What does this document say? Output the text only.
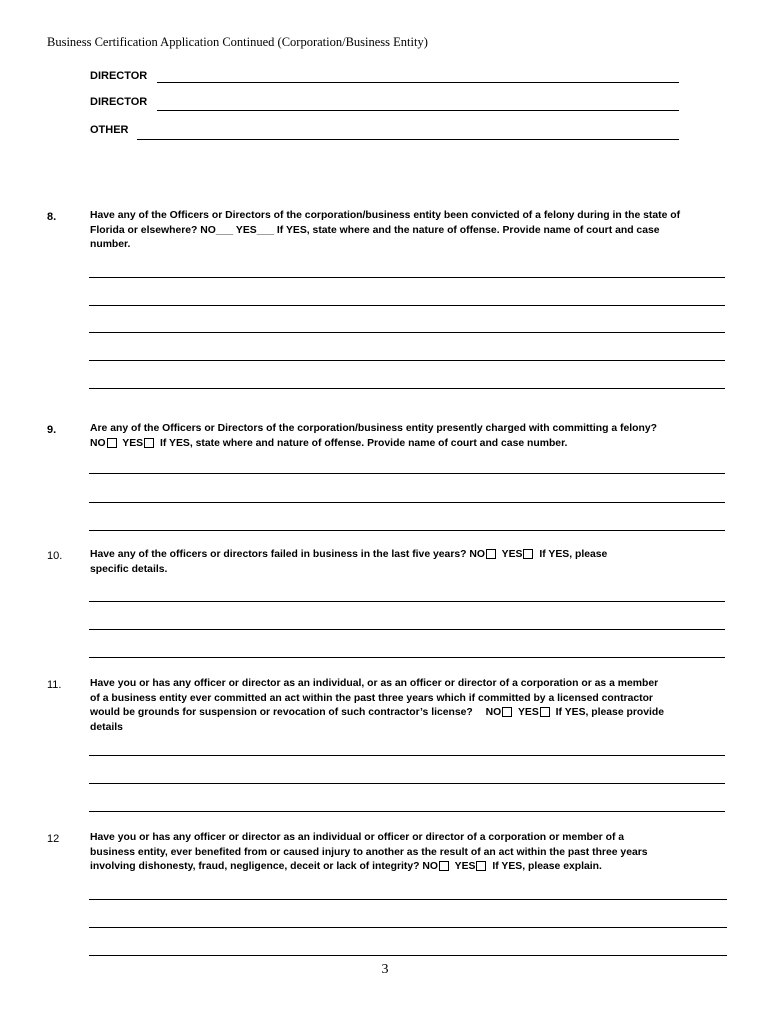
Business Certification Application Continued (Corporation/Business Entity)
DIRECTOR
DIRECTOR
OTHER
8.	Have any of the Officers or Directors of the corporation/business entity been convicted of a felony during in the state of
Florida or elsewhere? NO___ YES___ If YES, state where and the nature of offense. Provide name of court and case
number.
9.	Are any of the Officers or Directors of the corporation/business entity presently charged with committing a felony?
NO YES If YES, state where and nature of offense. Provide name of court and case number.
10.	Have any of the officers or directors failed in business in the last five years? NO YES If YES, please
specific details.
11.	Have you or has any officer or director as an individual, or as an officer or director of a corporation or as a member
of a business entity ever committed an act within the past three years which if committed by a licensed contractor
would be grounds for suspension or revocation of such contractor’s license? NO YES If YES, please provide
details
12	Have you or has any officer or director as an individual or officer or director of a corporation or member of a
business entity, ever benefited from or caused injury to another as the result of an act within the past three years
involving dishonesty, fraud, negligence, deceit or lack of integrity? NO YES If YES, please explain.
3
